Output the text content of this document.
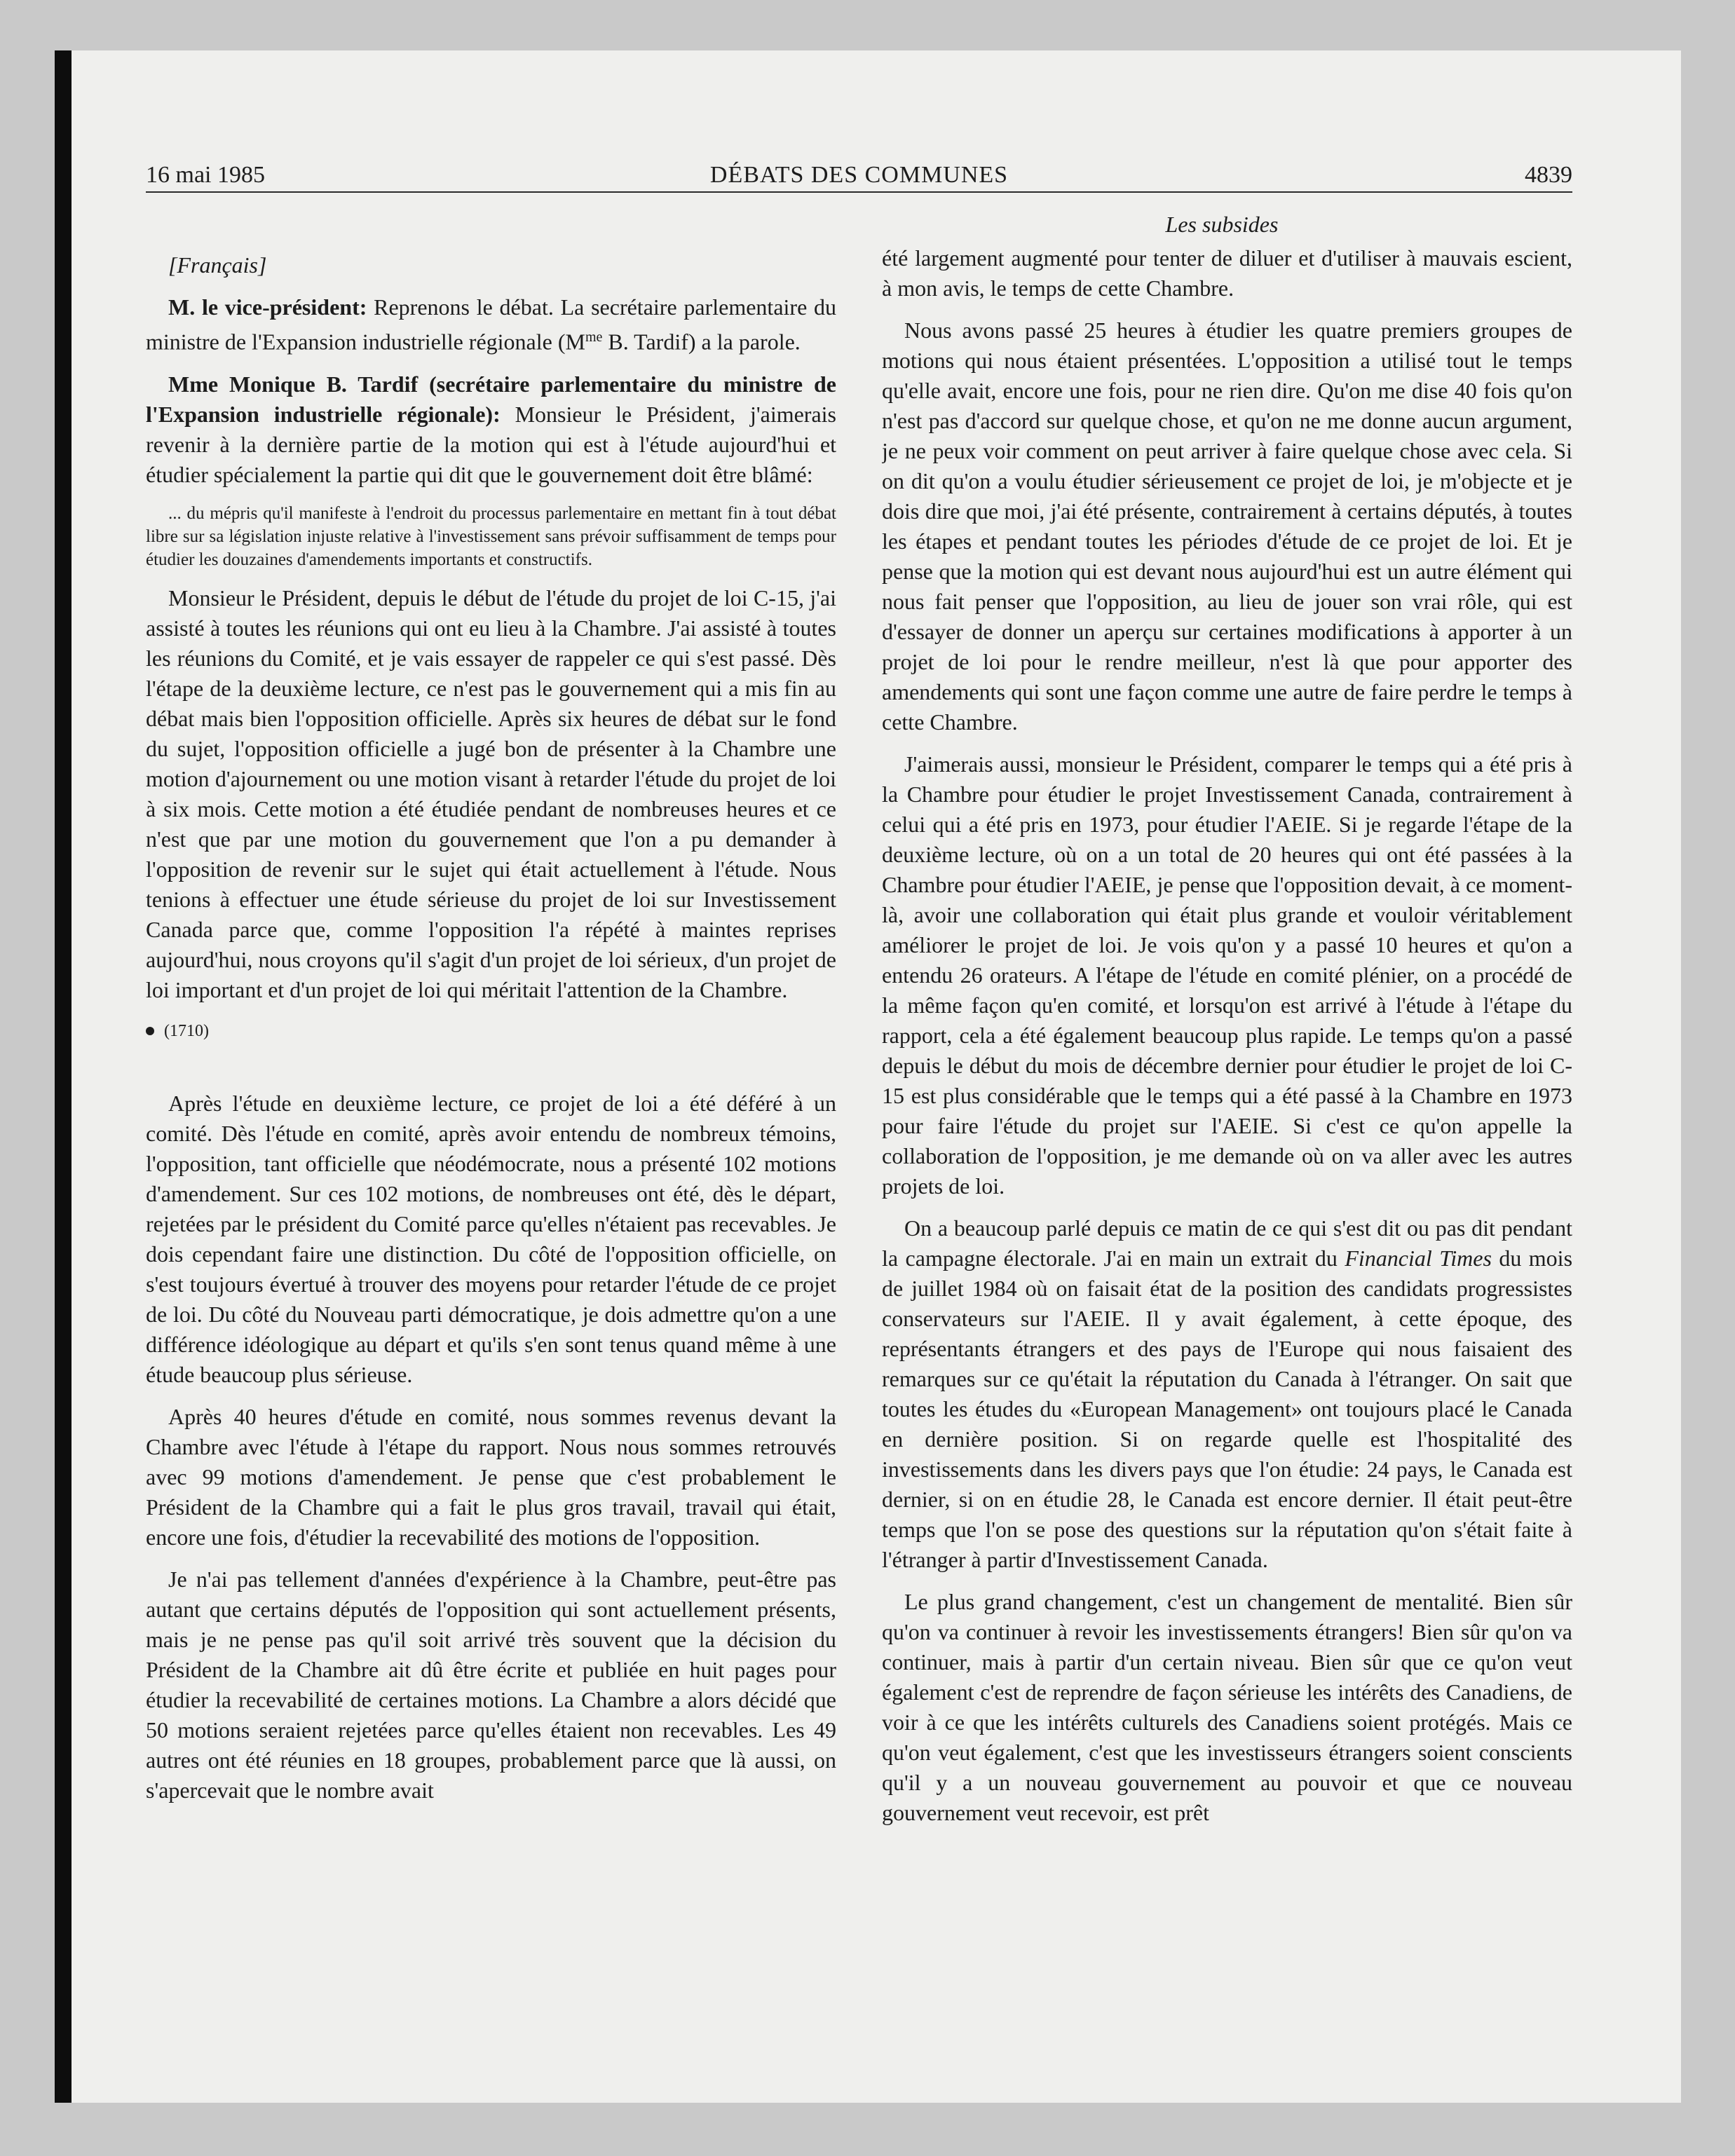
16 mai 1985	DÉBATS DES COMMUNES	4839
Les subsides

[Français]

M. le vice-président: Reprenons le débat. La secrétaire parlementaire du ministre de l'Expansion industrielle régionale ($M^{me}$ B. Tardif) a la parole.

Mme Monique B. Tardif (secrétaire parlementaire du ministre de l'Expansion industrielle régionale): Monsieur le Président, j'aimerais revenir à la dernière partie de la motion qui est à l'étude aujourd'hui et étudier spécialement la partie qui dit que le gouvernement doit être blâmé:

... du mépris qu'il manifeste à l'endroit du processus parlementaire en mettant fin à tout débat libre sur sa législation injuste relative à l'investissement sans prévoir suffisamment de temps pour étudier les douzaines d'amendements importants et constructifs.

Monsieur le Président, depuis le début de l'étude du projet de loi C-15, j'ai assisté à toutes les réunions qui ont eu lieu à la Chambre. J'ai assisté à toutes les réunions du Comité, et je vais essayer de rappeler ce qui s'est passé. Dès l'étape de la deuxième lecture, ce n'est pas le gouvernement qui a mis fin au débat mais bien l'opposition officielle. Après six heures de débat sur le fond du sujet, l'opposition officielle a jugé bon de présenter à la Chambre une motion d'ajournement ou une motion visant à retarder l'étude du projet de loi à six mois. Cette motion a été étudiée pendant de nombreuses heures et ce n'est que par une motion du gouvernement que l'on a pu demander à l'opposition de revenir sur le sujet qui était actuellement à l'étude. Nous tenions à effectuer une étude sérieuse du projet de loi sur Investissement Canada parce que, comme l'opposition l'a répété à maintes reprises aujourd'hui, nous croyons qu'il s'agit d'un projet de loi sérieux, d'un projet de loi important et d'un projet de loi qui méritait l'attention de la Chambre.

(1710)

Après l'étude en deuxième lecture, ce projet de loi a été déféré à un comité. Dès l'étude en comité, après avoir entendu de nombreux témoins, l'opposition, tant officielle que néodémocrate, nous a présenté 102 motions d'amendement. Sur ces 102 motions, de nombreuses ont été, dès le départ, rejetées par le président du Comité parce qu'elles n'étaient pas recevables. Je dois cependant faire une distinction. Du côté de l'opposition officielle, on s'est toujours évertué à trouver des moyens pour retarder l'étude de ce projet de loi. Du côté du Nouveau parti démocratique, je dois admettre qu'on a une différence idéologique au départ et qu'ils s'en sont tenus quand même à une étude beaucoup plus sérieuse.

Après 40 heures d'étude en comité, nous sommes revenus devant la Chambre avec l'étude à l'étape du rapport. Nous nous sommes retrouvés avec 99 motions d'amendement. Je pense que c'est probablement le Président de la Chambre qui a fait le plus gros travail, travail qui était, encore une fois, d'étudier la recevabilité des motions de l'opposition.

Je n'ai pas tellement d'années d'expérience à la Chambre, peut-être pas autant que certains députés de l'opposition qui sont actuellement présents, mais je ne pense pas qu'il soit arrivé très souvent que la décision du Président de la Chambre ait dû être écrite et publiée en huit pages pour étudier la recevabilité de certaines motions. La Chambre a alors décidé que 50 motions seraient rejetées parce qu'elles étaient non recevables. Les 49 autres ont été réunies en 18 groupes, probablement parce que là aussi, on s'apercevait que le nombre avait

été largement augmenté pour tenter de diluer et d'utiliser à mauvais escient, à mon avis, le temps de cette Chambre.

Nous avons passé 25 heures à étudier les quatre premiers groupes de motions qui nous étaient présentées. L'opposition a utilisé tout le temps qu'elle avait, encore une fois, pour ne rien dire. Qu'on me dise 40 fois qu'on n'est pas d'accord sur quelque chose, et qu'on ne me donne aucun argument, je ne peux voir comment on peut arriver à faire quelque chose avec cela. Si on dit qu'on a voulu étudier sérieusement ce projet de loi, je m'objecte et je dois dire que moi, j'ai été présente, contrairement à certains députés, à toutes les étapes et pendant toutes les périodes d'étude de ce projet de loi. Et je pense que la motion qui est devant nous aujourd'hui est un autre élément qui nous fait penser que l'opposition, au lieu de jouer son vrai rôle, qui est d'essayer de donner un aperçu sur certaines modifications à apporter à un projet de loi pour le rendre meilleur, n'est là que pour apporter des amendements qui sont une façon comme une autre de faire perdre le temps à cette Chambre.

J'aimerais aussi, monsieur le Président, comparer le temps qui a été pris à la Chambre pour étudier le projet Investissement Canada, contrairement à celui qui a été pris en 1973, pour étudier l'AEIE. Si je regarde l'étape de la deuxième lecture, où on a un total de 20 heures qui ont été passées à la Chambre pour étudier l'AEIE, je pense que l'opposition devait, à ce moment-là, avoir une collaboration qui était plus grande et vouloir véritablement améliorer le projet de loi. Je vois qu'on y a passé 10 heures et qu'on a entendu 26 orateurs. A l'étape de l'étude en comité plénier, on a procédé de la même façon qu'en comité, et lorsqu'on est arrivé à l'étude à l'étape du rapport, cela a été également beaucoup plus rapide. Le temps qu'on a passé depuis le début du mois de décembre dernier pour étudier le projet de loi C-15 est plus considérable que le temps qui a été passé à la Chambre en 1973 pour faire l'étude du projet sur l'AEIE. Si c'est ce qu'on appelle la collaboration de l'opposition, je me demande où on va aller avec les autres projets de loi.

On a beaucoup parlé depuis ce matin de ce qui s'est dit ou pas dit pendant la campagne électorale. J'ai en main un extrait du Financial Times du mois de juillet 1984 où on faisait état de la position des candidats progressistes conservateurs sur l'AEIE. Il y avait également, à cette époque, des représentants étrangers et des pays de l'Europe qui nous faisaient des remarques sur ce qu'était la réputation du Canada à l'étranger. On sait que toutes les études du «European Management» ont toujours placé le Canada en dernière position. Si on regarde quelle est l'hospitalité des investissements dans les divers pays que l'on étudie: 24 pays, le Canada est dernier, si on en étudie 28, le Canada est encore dernier. Il était peut-être temps que l'on se pose des questions sur la réputation qu'on s'était faite à l'étranger à partir d'Investissement Canada.

Le plus grand changement, c'est un changement de mentalité. Bien sûr qu'on va continuer à revoir les investissements étrangers! Bien sûr qu'on va continuer, mais à partir d'un certain niveau. Bien sûr que ce qu'on veut également c'est de reprendre de façon sérieuse les intérêts des Canadiens, de voir à ce que les intérêts culturels des Canadiens soient protégés. Mais ce qu'on veut également, c'est que les investisseurs étrangers soient conscients qu'il y a un nouveau gouvernement au pouvoir et que ce nouveau gouvernement veut recevoir, est prêt
